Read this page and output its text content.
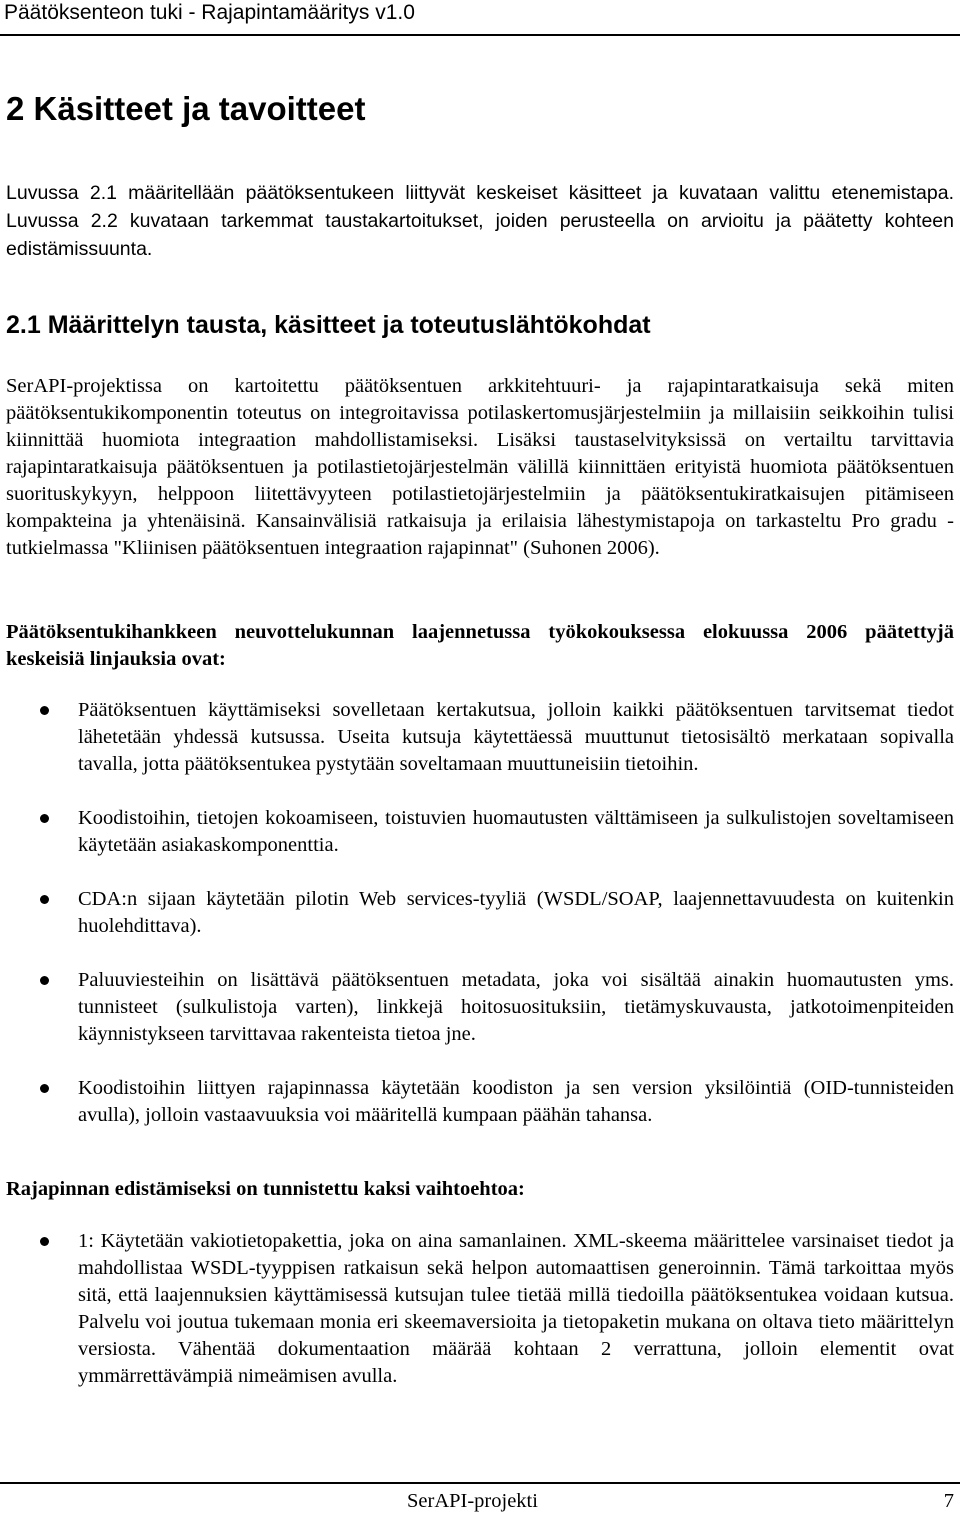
Päätöksenteon tuki - Rajapintamääritys v1.0
2 Käsitteet ja tavoitteet

Luvussa 2.1 määritellään päätöksentukeen liittyvät keskeiset käsitteet ja kuvataan valittu etenemistapa. Luvussa 2.2 kuvataan tarkemmat taustakartoitukset, joiden perusteella on arvioitu ja päätetty kohteen edistämissuunta.

2.1 Määrittelyn tausta, käsitteet ja toteutuslähtökohdat

SerAPI-projektissa on kartoitettu päätöksentuen arkkitehtuuri- ja rajapintaratkaisuja sekä miten päätöksentukikomponentin toteutus on integroitavissa potilaskertomusjärjestelmiin ja millaisiin seikkoihin tulisi kiinnittää huomiota integraation mahdollistamiseksi. Lisäksi taustaselvityksissä on vertailtu tarvittavia rajapintaratkaisuja päätöksentuen ja potilastietojärjestelmän välillä kiinnittäen erityistä huomiota päätöksentuen suorituskykyyn, helppoon liitettävyyteen potilastietojärjestelmiin ja päätöksentukiratkaisujen pitämiseen kompakteina ja yhtenäisinä. Kansainvälisiä ratkaisuja ja erilaisia lähestymistapoja on tarkasteltu Pro gradu -tutkielmassa "Kliinisen päätöksentuen integraation rajapinnat" (Suhonen 2006).

Päätöksentukihankkeen neuvottelukunnan laajennetussa työkokouksessa elokuussa 2006 päätettyjä keskeisiä linjauksia ovat:

Päätöksentuen käyttämiseksi sovelletaan kertakutsua, jolloin kaikki päätöksentuen tarvitsemat tiedot lähetetään yhdessä kutsussa. Useita kutsuja käytettäessä muuttunut tietosisältö merkataan sopivalla tavalla, jotta päätöksentukea pystytään soveltamaan muuttuneisiin tietoihin.
Koodistoihin, tietojen kokoamiseen, toistuvien huomautusten välttämiseen ja sulkulistojen soveltamiseen käytetään asiakaskomponenttia.
CDA:n sijaan käytetään pilotin Web services-tyyliä (WSDL/SOAP, laajennettavuudesta on kuitenkin huolehdittava).
Paluuviesteihin on lisättävä päätöksentuen metadata, joka voi sisältää ainakin huomautusten yms. tunnisteet (sulkulistoja varten), linkkejä hoitosuosituksiin, tietämyskuvausta, jatkotoimenpiteiden käynnistykseen tarvittavaa rakenteista tietoa jne.
Koodistoihin liittyen rajapinnassa käytetään koodiston ja sen version yksilöintiä (OID-tunnisteiden avulla), jolloin vastaavuuksia voi määritellä kumpaan päähän tahansa.

Rajapinnan edistämiseksi on tunnistettu kaksi vaihtoehtoa:

1: Käytetään vakiotietopakettia, joka on aina samanlainen. XML-skeema määrittelee varsinaiset tiedot ja mahdollistaa WSDL-tyyppisen ratkaisun sekä helpon automaattisen generoinnin. Tämä tarkoittaa myös sitä, että laajennuksien käyttämisessä kutsujan tulee tietää millä tiedoilla päätöksentukea voidaan kutsua. Palvelu voi joutua tukemaan monia eri skeemaversioita ja tietopaketin mukana on oltava tieto määrittelyn versiosta. Vähentää dokumentaation määrää kohtaan 2 verrattuna, jolloin elementit ovat ymmärrettävämpiä nimeämisen avulla.
SerAPI-projekti	7
